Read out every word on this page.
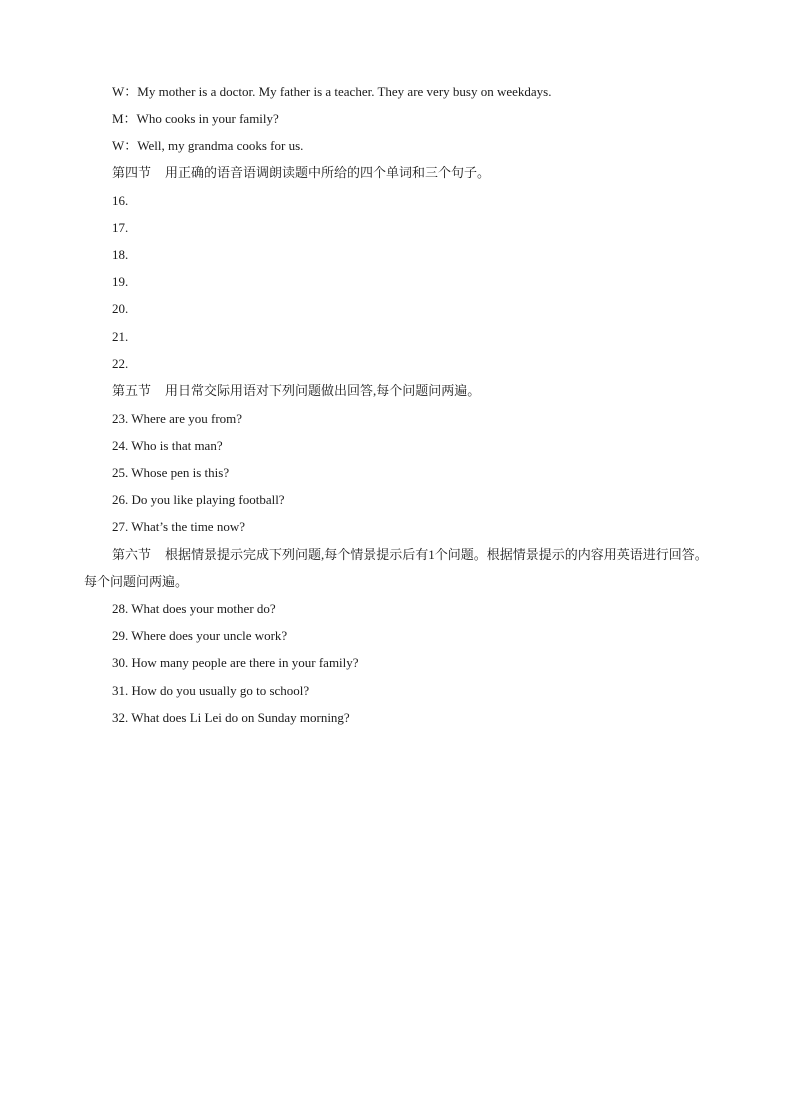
W：My mother is a doctor. My father is a teacher. They are very busy on weekdays.
M：Who cooks in your family?
W：Well, my grandma cooks for us.
第四节 用正确的语音语调朗读题中所给的四个单词和三个句子。
16.
17.
18.
19.
20.
21.
22.
第五节 用日常交际用语对下列问题做出回答,每个问题问两遍。
23. Where are you from?
24. Who is that man?
25. Whose pen is this?
26. Do you like playing football?
27. What’s the time now?
第六节 根据情景提示完成下列问题,每个情景提示后有1个问题。根据情景提示的内容用英语进行回答。每个问题问两遍。
28. What does your mother do?
29. Where does your uncle work?
30. How many people are there in your family?
31. How do you usually go to school?
32. What does Li Lei do on Sunday morning?
